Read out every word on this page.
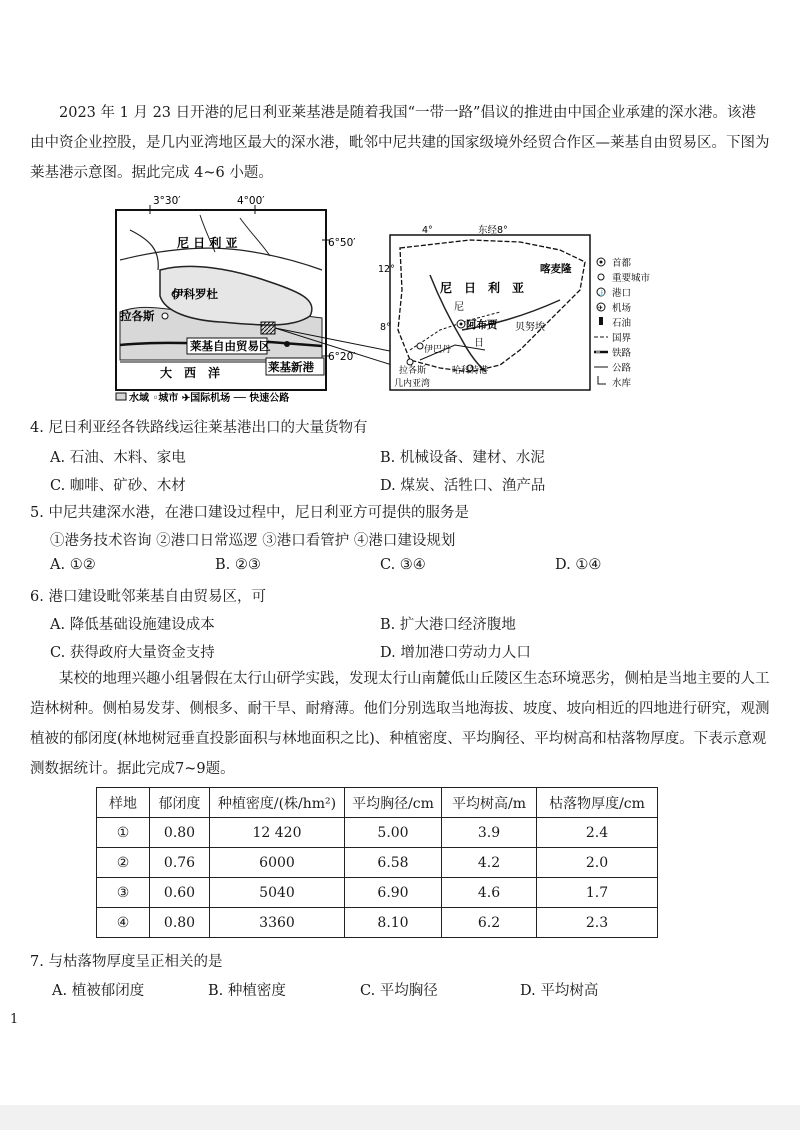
2023 年 1 月 23 日开港的尼日利亚莱基港是随着我国“一带一路”倡议的推进由中国企业承建的深水港。该港由中资企业控股，是几内亚湾地区最大的深水港，毗邻中尼共建的国家级境外经贸合作区—莱基自由贸易区。下图为莱基港示意图。据此完成 4~6 小题。

3°30′	4°00′
6°50′
6°20′
尼 日 利 亚
伊科罗杜
拉各斯
莱基自由贸易区
大　西　洋	莱基新港
水域 ◦城市 ✈国际机场 ── 快速公路
4°	东经8°
12°
8°
尼　日　利　亚
喀麦隆
阿布贾
尼
贝努埃
日
伊巴丹
拉各斯	哈科特港
几内亚湾
首都
重要城市
⚓ 港口
✈ 机场
石油
国界
铁路
公路
水库
4. 尼日利亚经各铁路线运往莱基港出口的大量货物有
A. 石油、木料、家电	B. 机械设备、建材、水泥
C. 咖啡、矿砂、木材	D. 煤炭、活牲口、渔产品
5. 中尼共建深水港，在港口建设过程中，尼日利亚方可提供的服务是
①港务技术咨询 ②港口日常巡逻 ③港口看管护 ④港口建设规划
A. ①②	B. ②③	C. ③④	D. ①④
6. 港口建设毗邻莱基自由贸易区，可
A. 降低基础设施建设成本	B. 扩大港口经济腹地
C. 获得政府大量资金支持	D. 增加港口劳动力人口

某校的地理兴趣小组暑假在太行山研学实践，发现太行山南麓低山丘陵区生态环境恶劣，侧柏是当地主要的人工造林树种。侧柏易发芽、侧根多、耐干旱、耐瘠薄。他们分别选取当地海拔、坡度、坡向相近的四地进行研究，观测植被的郁闭度(林地树冠垂直投影面积与林地面积之比)、种植密度、平均胸径、平均树高和枯落物厚度。下表示意观测数据统计。据此完成7~9题。

样地	郁闭度	种植密度/(株/hm²)	平均胸径/cm	平均树高/m	枯落物厚度/cm
①	0.80	12 420	5.00	3.9	2.4
②	0.76	6000	6.58	4.2	2.0
③	0.60	5040	6.90	4.6	1.7
④	0.80	3360	8.10	6.2	2.3
7. 与枯落物厚度呈正相关的是
A. 植被郁闭度	B. 种植密度	C. 平均胸径	D. 平均树高
1
